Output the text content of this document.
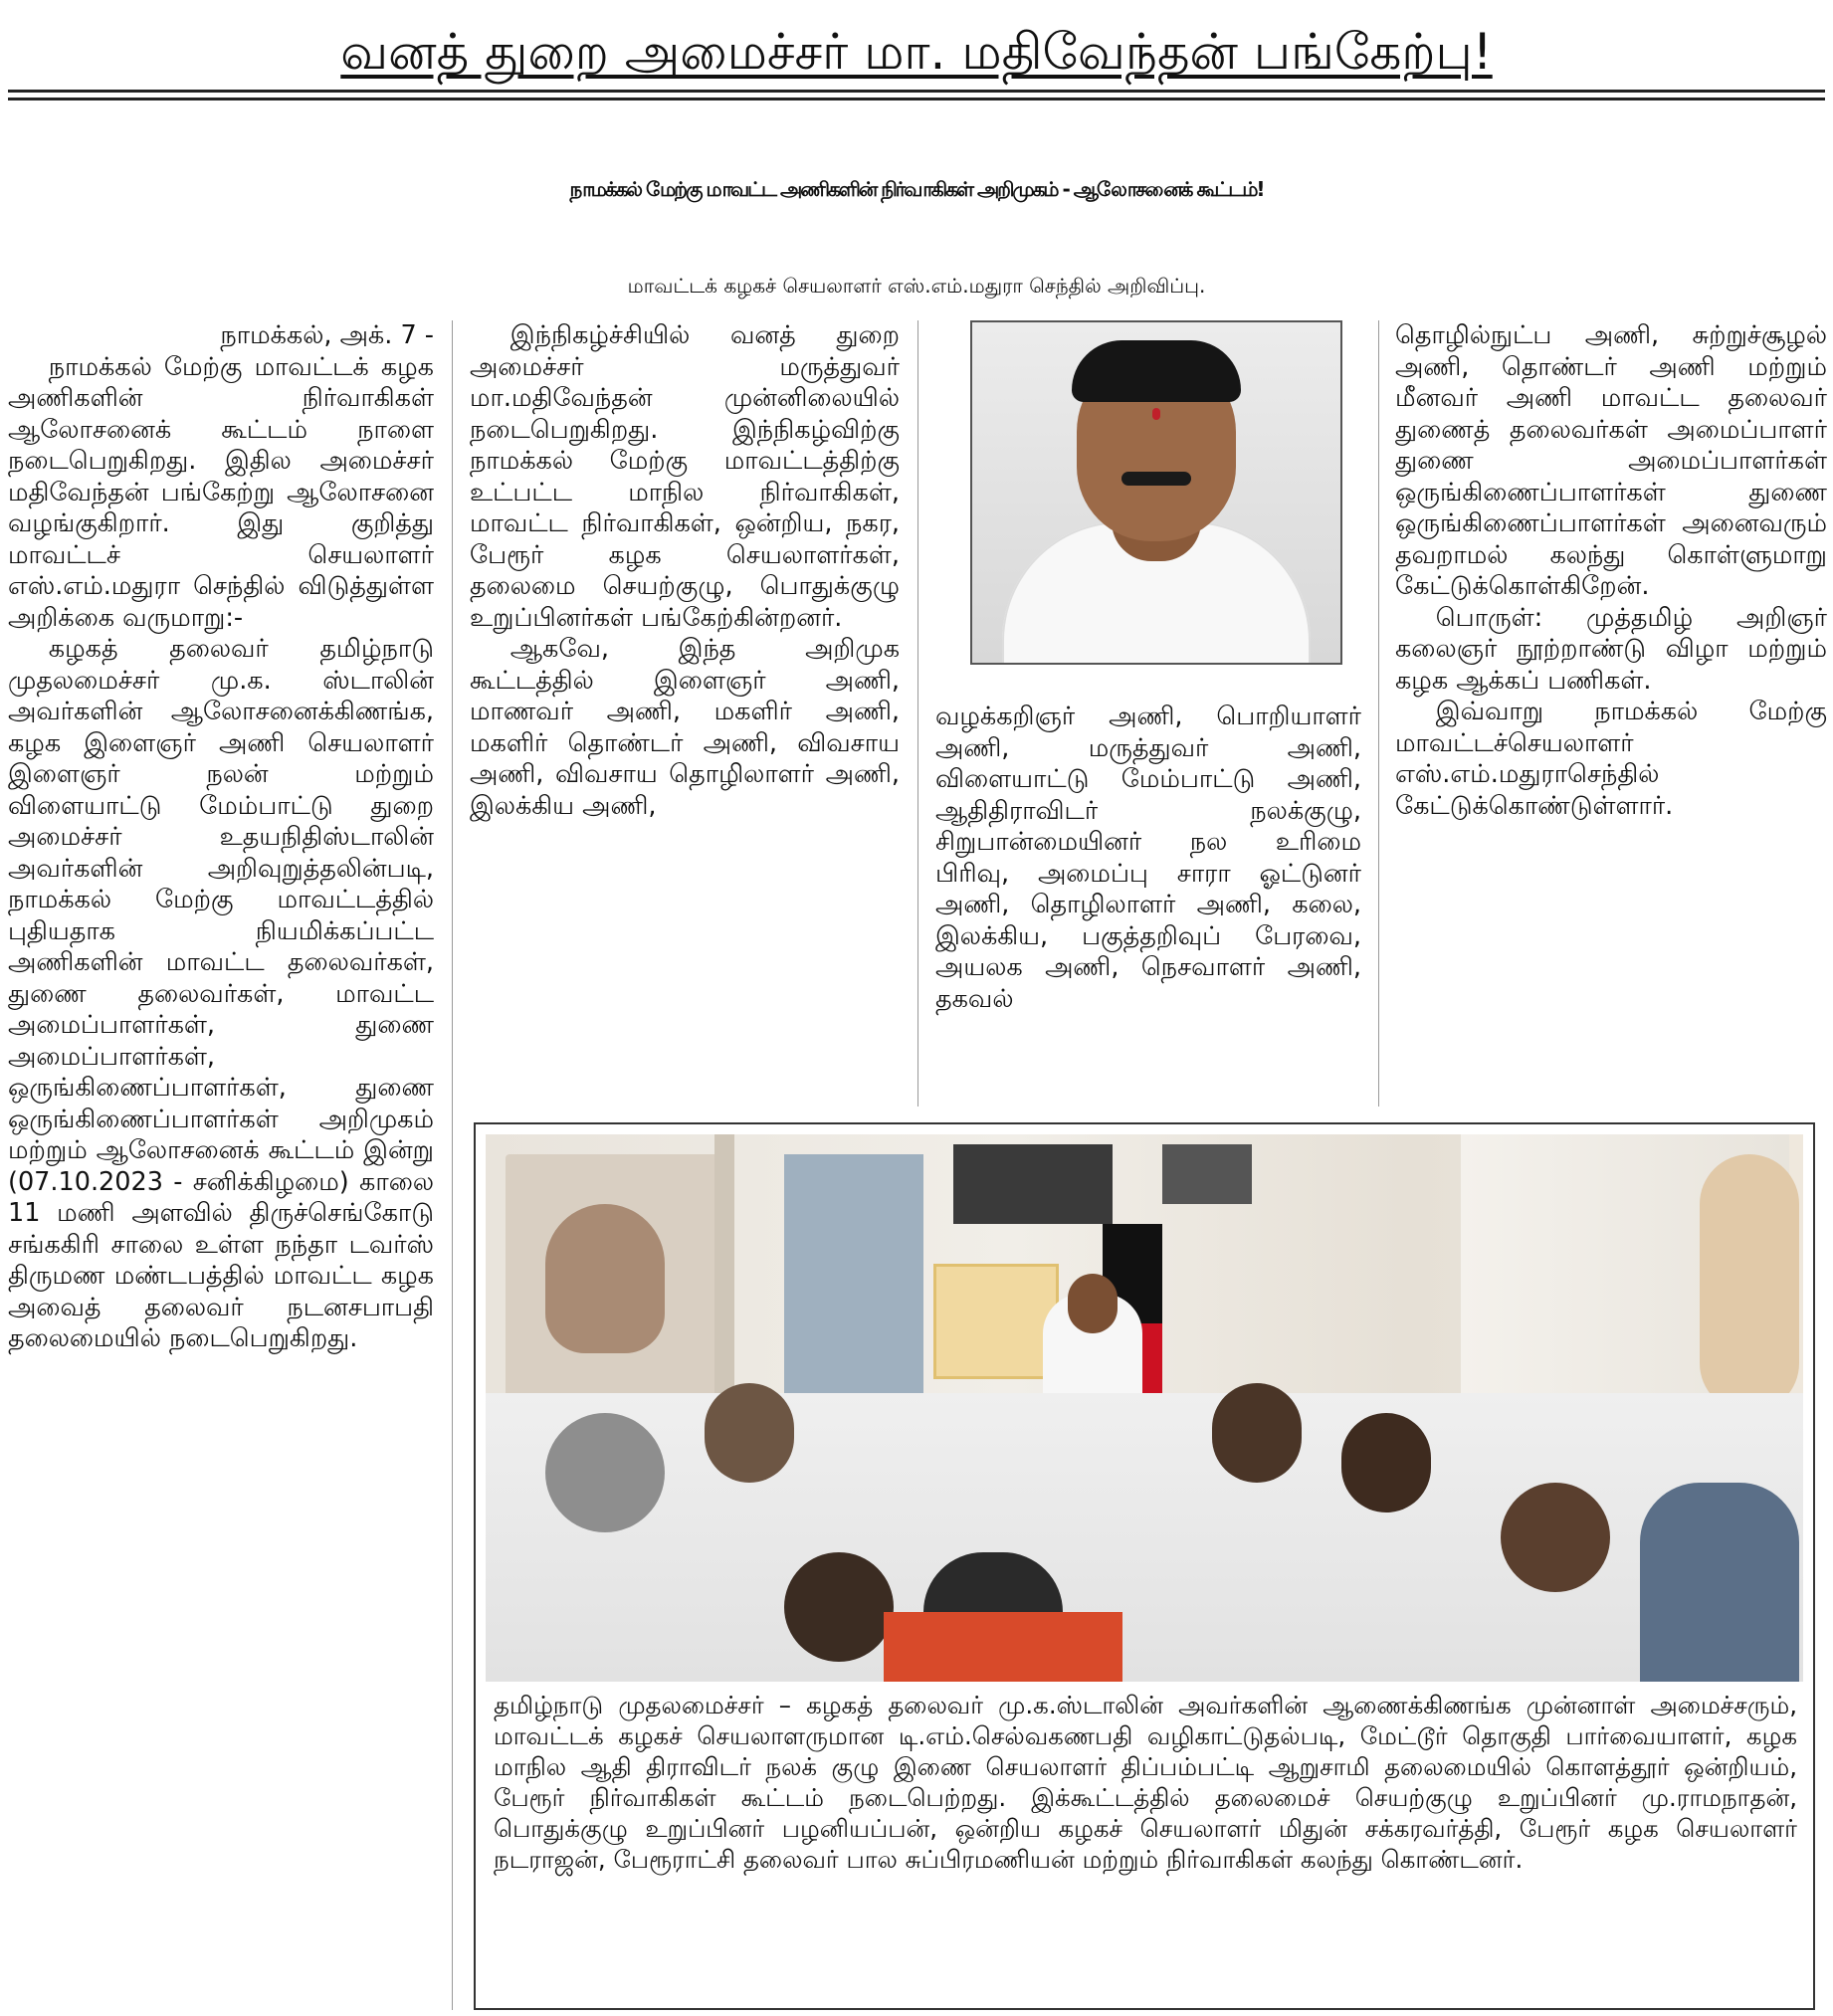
வனத் துறை அமைச்சர் மா. மதிவேந்தன் பங்கேற்பு!
நாமக்கல் மேற்கு மாவட்ட அணிகளின் நிர்வாகிகள் அறிமுகம் - ஆலோசனைக் கூட்டம்!
மாவட்டக் கழகச் செயலாளர் எஸ்.எம்.மதுரா செந்தில் அறிவிப்பு.

நாமக்கல், அக். 7 -

நாமக்கல் மேற்கு மாவட்டக் கழக அணிகளின் நிர்வாகிகள் ஆலோசனைக் கூட்டம் நாளை நடைபெறுகிறது. இதில அமைச்சர் மதிவேந்தன் பங்கேற்று ஆலோசனை வழங்குகிறார். இது குறித்து மாவட்டச் செயலாளர் எஸ்.எம்.மதுரா செந்தில் விடுத்துள்ள அறிக்கை வருமாறு:-

கழகத் தலைவர் தமிழ்நாடு முதலமைச்சர் மு.க. ஸ்டாலின் அவர்களின் ஆலோசனைக்கிணங்க, கழக இளைஞர் அணி செயலாளர் இளைஞர் நலன் மற்றும் விளையாட்டு மேம்பாட்டு துறை அமைச்சர் உதயநிதிஸ்டாலின் அவர்களின் அறிவுறுத்தலின்படி, நாமக்கல் மேற்கு மாவட்டத்தில் புதியதாக நியமிக்கப்பட்ட அணிகளின் மாவட்ட தலைவர்கள், துணை தலைவர்கள், மாவட்ட அமைப்பாளர்கள், துணை அமைப்பாளர்கள், ஒருங்கிணைப்பாளர்கள், துணை ஒருங்கிணைப்பாளர்கள் அறிமுகம் மற்றும் ஆலோசனைக் கூட்டம் இன்று (07.10.2023 - சனிக்கிழமை) காலை 11 மணி அளவில் திருச்செங்கோடு சங்ககிரி சாலை உள்ள நந்தா டவர்ஸ் திருமண மண்டபத்தில் மாவட்ட கழக அவைத் தலைவர் நடனசபாபதி தலைமையில் நடைபெறுகிறது.

இந்நிகழ்ச்சியில் வனத் துறை அமைச்சர் மருத்துவர் மா.மதிவேந்தன் முன்னிலையில் நடைபெறுகிறது. இந்நிகழ்விற்கு நாமக்கல் மேற்கு மாவட்டத்திற்கு உட்பட்ட மாநில நிர்வாகிகள், மாவட்ட நிர்வாகிகள், ஒன்றிய, நகர, பேரூர் கழக செயலாளர்கள், தலைமை செயற்குழு, பொதுக்குழு உறுப்பினர்கள் பங்கேற்கின்றனர்.

ஆகவே, இந்த அறிமுக கூட்டத்தில் இளைஞர் அணி, மாணவர் அணி, மகளிர் அணி, மகளிர் தொண்டர் அணி, விவசாய அணி, விவசாய தொழிலாளர் அணி, இலக்கிய அணி,

வழக்கறிஞர் அணி, பொறியாளர் அணி, மருத்துவர் அணி, விளையாட்டு மேம்பாட்டு அணி, ஆதிதிராவிடர் நலக்குழு, சிறுபான்மையினர் நல உரிமை பிரிவு, அமைப்பு சாரா ஓட்டுனர் அணி, தொழிலாளர் அணி, கலை, இலக்கிய, பகுத்தறிவுப் பேரவை, அயலக அணி, நெசவாளர் அணி, தகவல்

தொழில்நுட்ப அணி, சுற்றுச்சூழல் அணி, தொண்டர் அணி மற்றும் மீனவர் அணி மாவட்ட தலைவர் துணைத் தலைவர்கள் அமைப்பாளர் துணை அமைப்பாளர்கள் ஒருங்கிணைப்பாளர்கள் துணை ஒருங்கிணைப்பாளர்கள் அனைவரும் தவறாமல் கலந்து கொள்ளுமாறு கேட்டுக்கொள்கிறேன்.

பொருள்: முத்தமிழ் அறிஞர் கலைஞர் நூற்றாண்டு விழா மற்றும் கழக ஆக்கப் பணிகள்.

இவ்வாறு நாமக்கல் மேற்கு மாவட்டச்செயலாளர் எஸ்.எம்.மதுராசெந்தில் கேட்டுக்கொண்டுள்ளார்.

தமிழ்நாடு முதலமைச்சர் – கழகத் தலைவர் மு.க.ஸ்டாலின் அவர்களின் ஆணைக்கிணங்க முன்னாள் அமைச்சரும், மாவட்டக் கழகச் செயலாளருமான டி.எம்.செல்வகணபதி வழிகாட்டுதல்படி, மேட்டூர் தொகுதி பார்வையாளர், கழக மாநில ஆதி திராவிடர் நலக் குழு இணை செயலாளர் திப்பம்பட்டி ஆறுசாமி தலைமையில் கொளத்தூர் ஒன்றியம், பேரூர் நிர்வாகிகள் கூட்டம் நடைபெற்றது. இக்கூட்டத்தில் தலைமைச் செயற்குழு உறுப்பினர் மு.ராமநாதன், பொதுக்குழு உறுப்பினர் பழனியப்பன், ஒன்றிய கழகச் செயலாளர் மிதுன் சக்கரவர்த்தி, பேரூர் கழக செயலாளர் நடராஜன், பேரூராட்சி தலைவர் பால சுப்பிரமணியன் மற்றும் நிர்வாகிகள் கலந்து கொண்டனர்.
